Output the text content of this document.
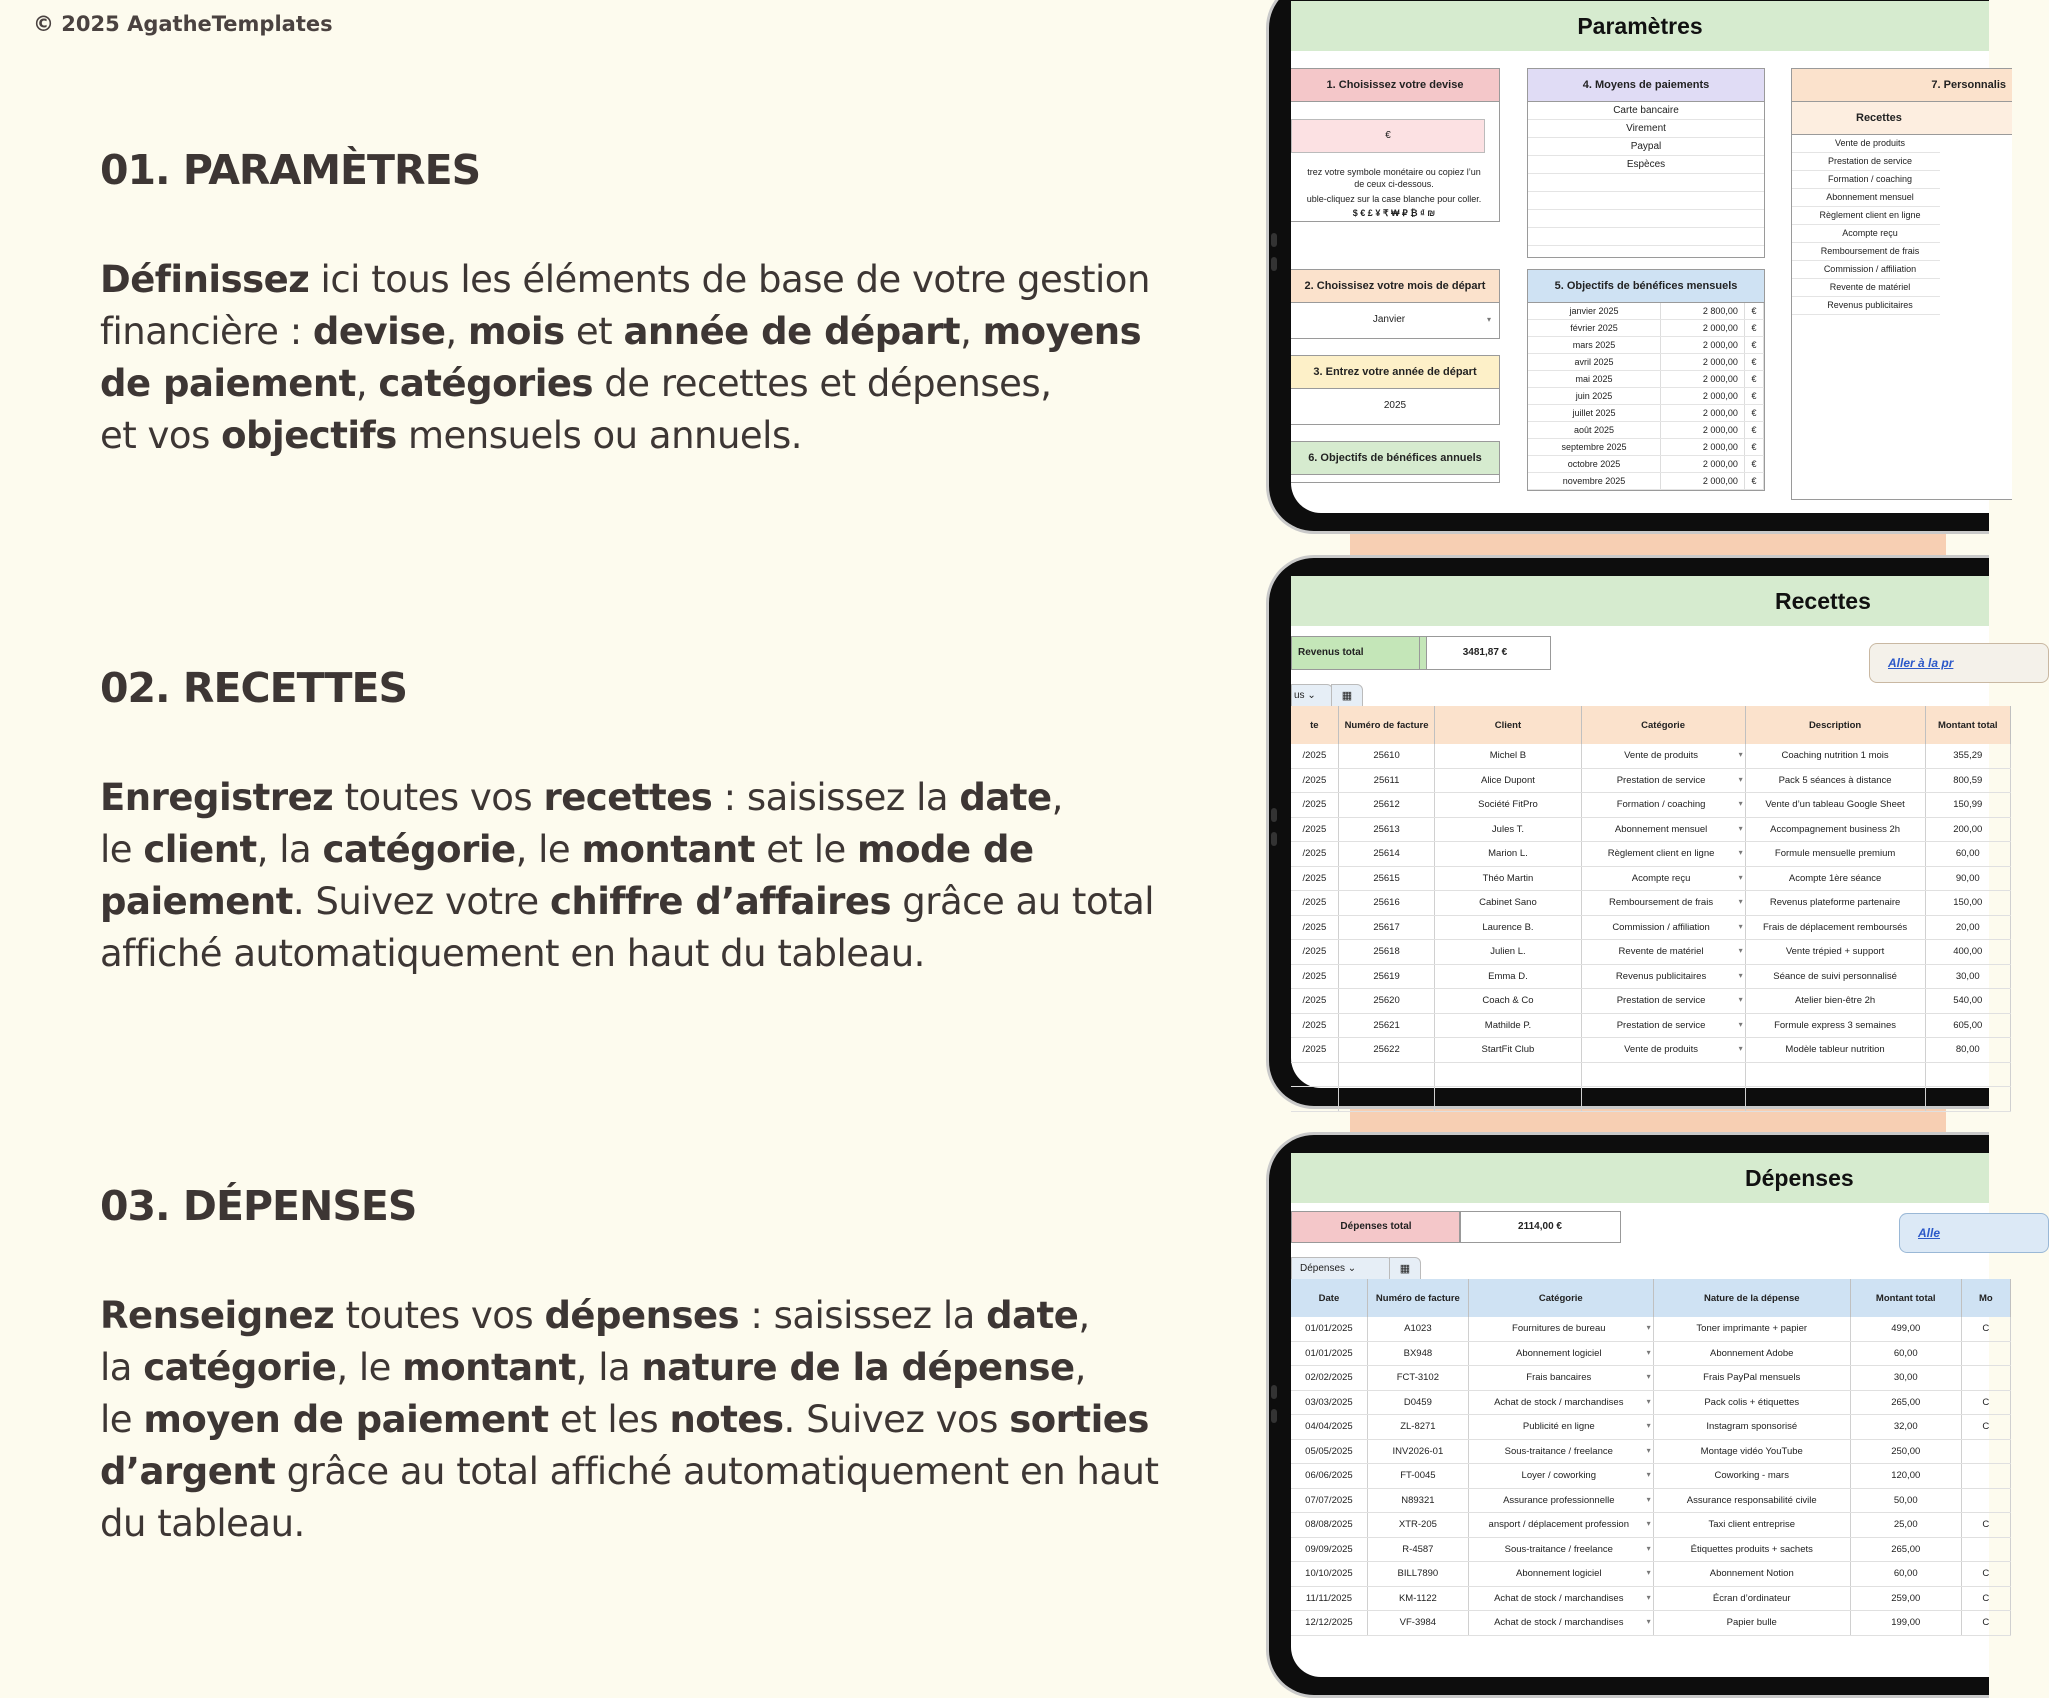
© 2025 AgatheTemplates
01. PARAMÈTRES

Définissez ici tous les éléments de base de votre gestion
financière : devise, mois et année de départ, moyens
de paiement, catégories de recettes et dépenses,
et vos objectifs mensuels ou annuels.

02. RECETTES

Enregistrez toutes vos recettes : saisissez la date,
le client, la catégorie, le montant et le mode de
paiement. Suivez votre chiffre d’affaires grâce au total
affiché automatiquement en haut du tableau.

03. DÉPENSES

Renseignez toutes vos dépenses : saisissez la date,
la catégorie, le montant, la nature de la dépense,
le moyen de paiement et les notes. Suivez vos sorties
d’argent grâce au total affiché automatiquement en haut
du tableau.

Paramètres
1. Choisissez votre devise
€
trez votre symbole monétaire ou copiez l’un
de ceux ci-dessous.
uble-cliquez sur la case blanche pour coller.
$ € £ ¥ ₹ ₩ ₽ ₿ ₫ ₪
2. Choissisez votre mois de départ
Janvier ▾
3. Entrez votre année de départ
2025
6. Objectifs de bénéfices annuels
4. Moyens de paiements
Carte bancaire
Virement
Paypal
Espèces
5. Objectifs de bénéfices mensuels
janvier 2025	2 800,00	€
février 2025	2 000,00	€
mars 2025	2 000,00	€
avril 2025	2 000,00	€
mai 2025	2 000,00	€
juin 2025	2 000,00	€
juillet 2025	2 000,00	€
août 2025	2 000,00	€
septembre 2025	2 000,00	€
octobre 2025	2 000,00	€
novembre 2025	2 000,00	€
7. Personnalis
Recettes
Vente de produits
Prestation de service
Formation / coaching
Abonnement mensuel
Règlement client en ligne
Acompte reçu
Remboursement de frais
Commission / affiliation
Revente de matériel
Revenus publicitaires
Recettes
Revenus total	3481,87 €
Aller à la pr
us ⌄	▦
te	Numéro de facture	Client	Catégorie	Description	Montant total
/2025	25610	Michel B	Vente de produits ▾	Coaching nutrition 1 mois	355,29
/2025	25611	Alice Dupont	Prestation de service ▾	Pack 5 séances à distance	800,59
/2025	25612	Société FitPro	Formation / coaching ▾	Vente d’un tableau Google Sheet	150,99
/2025	25613	Jules T.	Abonnement mensuel ▾	Accompagnement business 2h	200,00
/2025	25614	Marion L.	Règlement client en ligne ▾	Formule mensuelle premium	60,00
/2025	25615	Théo Martin	Acompte reçu ▾	Acompte 1ère séance	90,00
/2025	25616	Cabinet Sano	Remboursement de frais ▾	Revenus plateforme partenaire	150,00
/2025	25617	Laurence B.	Commission / affiliation ▾	Frais de déplacement remboursés	20,00
/2025	25618	Julien L.	Revente de matériel ▾	Vente trépied + support	400,00
/2025	25619	Emma D.	Revenus publicitaires ▾	Séance de suivi personnalisé	30,00
/2025	25620	Coach & Co	Prestation de service ▾	Atelier bien-être 2h	540,00
/2025	25621	Mathilde P.	Prestation de service ▾	Formule express 3 semaines	605,00
/2025	25622	StartFit Club	Vente de produits ▾	Modèle tableur nutrition	80,00

Dépenses
Dépenses total	2114,00 €	Alle
Dépenses ⌄	▦
Date	Numéro de facture	Catégorie	Nature de la dépense	Montant total	Mo
01/01/2025	A1023	Fournitures de bureau ▾	Toner imprimante + papier	499,00	C
01/01/2025	BX948	Abonnement logiciel ▾	Abonnement Adobe	60,00	
02/02/2025	FCT-3102	Frais bancaires ▾	Frais PayPal mensuels	30,00	
03/03/2025	D0459	Achat de stock / marchandises ▾	Pack colis + étiquettes	265,00	C
04/04/2025	ZL-8271	Publicité en ligne ▾	Instagram sponsorisé	32,00	C
05/05/2025	INV2026-01	Sous-traitance / freelance ▾	Montage vidéo YouTube	250,00	
06/06/2025	FT-0045	Loyer / coworking ▾	Coworking - mars	120,00	
07/07/2025	N89321	Assurance professionnelle ▾	Assurance responsabilité civile	50,00	
08/08/2025	XTR-205	ansport / déplacement profession ▾	Taxi client entreprise	25,00	C
09/09/2025	R-4587	Sous-traitance / freelance ▾	Étiquettes produits + sachets	265,00	
10/10/2025	BILL7890	Abonnement logiciel ▾	Abonnement Notion	60,00	C
11/11/2025	KM-1122	Achat de stock / marchandises ▾	Écran d’ordinateur	259,00	C
12/12/2025	VF-3984	Achat de stock / marchandises ▾	Papier bulle	199,00	C
